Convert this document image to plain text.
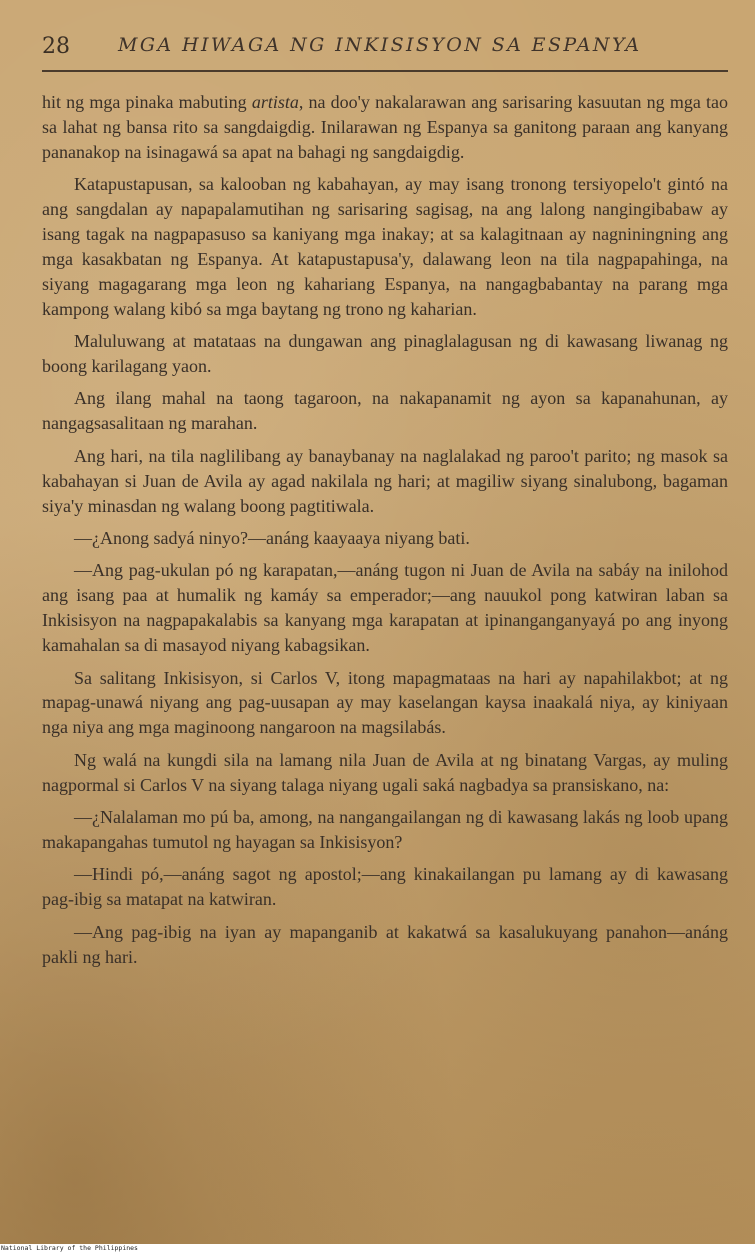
28	MGA HIWAGA NG INKISISYON SA ESPANYA

hit ng mga pinaka mabuting artista, na doo'y nakalarawan ang sarisaring kasuutan ng mga tao sa lahat ng bansa rito sa sangdaigdig. Inilarawan ng Espanya sa ganitong paraan ang kanyang pananakop na isinagawá sa apat na bahagi ng sangdaigdig.

Katapustapusan, sa kalooban ng kabahayan, ay may isang tronong tersiyopelo't gintó na ang sangdalan ay napapalamutihan ng sarisaring sagisag, na ang lalong nangingibabaw ay isang tagak na nagpapasuso sa kaniyang mga inakay; at sa kalagitnaan ay nagniningning ang mga kasakbatan ng Espanya. At katapustapusa'y, dalawang leon na tila nagpapahinga, na siyang magagarang mga leon ng kahariang Espanya, na nangagbabantay na parang mga kampong walang kibó sa mga baytang ng trono ng kaharian.

Maluluwang at matataas na dungawan ang pinaglalagusan ng di kawasang liwanag ng boong karilagang yaon.

Ang ilang mahal na taong tagaroon, na nakapanamit ng ayon sa kapanahunan, ay nangagsasalitaan ng marahan.

Ang hari, na tila naglilibang ay banaybanay na naglalakad ng paroo't parito; ng masok sa kabahayan si Juan de Avila ay agad nakilala ng hari; at magiliw siyang sinalubong, bagaman siya'y minasdan ng walang boong pagtitiwala.

—¿Anong sadyá ninyo?—anáng kaayaaya niyang bati.

—Ang pag-ukulan pó ng karapatan,—anáng tugon ni Juan de Avila na sabáy na inilohod ang isang paa at humalik ng kamáy sa emperador;—ang nauukol pong katwiran laban sa Inkisisyon na nagpapakalabis sa kanyang mga karapatan at ipinanganganyayá po ang inyong kamahalan sa di masayod niyang kabagsikan.

Sa salitang Inkisisyon, si Carlos V, itong mapagmataas na hari ay napahilakbot; at ng mapag-unawá niyang ang pag-uusapan ay may kaselangan kaysa inaakalá niya, ay kiniyaan nga niya ang mga maginoong nangaroon na magsilabás.

Ng walá na kungdi sila na lamang nila Juan de Avila at ng binatang Vargas, ay muling nagpormal si Carlos V na siyang talaga niyang ugali saká nagbadya sa pransiskano, na:

—¿Nalalaman mo pú ba, among, na nangangailangan ng di kawasang lakás ng loob upang makapangahas tumutol ng hayagan sa Inkisisyon?

—Hindi pó,—anáng sagot ng apostol;—ang kinakailangan pu lamang ay di kawasang pag-ibig sa matapat na katwiran.

—Ang pag-ibig na iyan ay mapanganib at kakatwá sa kasalukuyang panahon—anáng pakli ng hari.

National Library of the Philippines
